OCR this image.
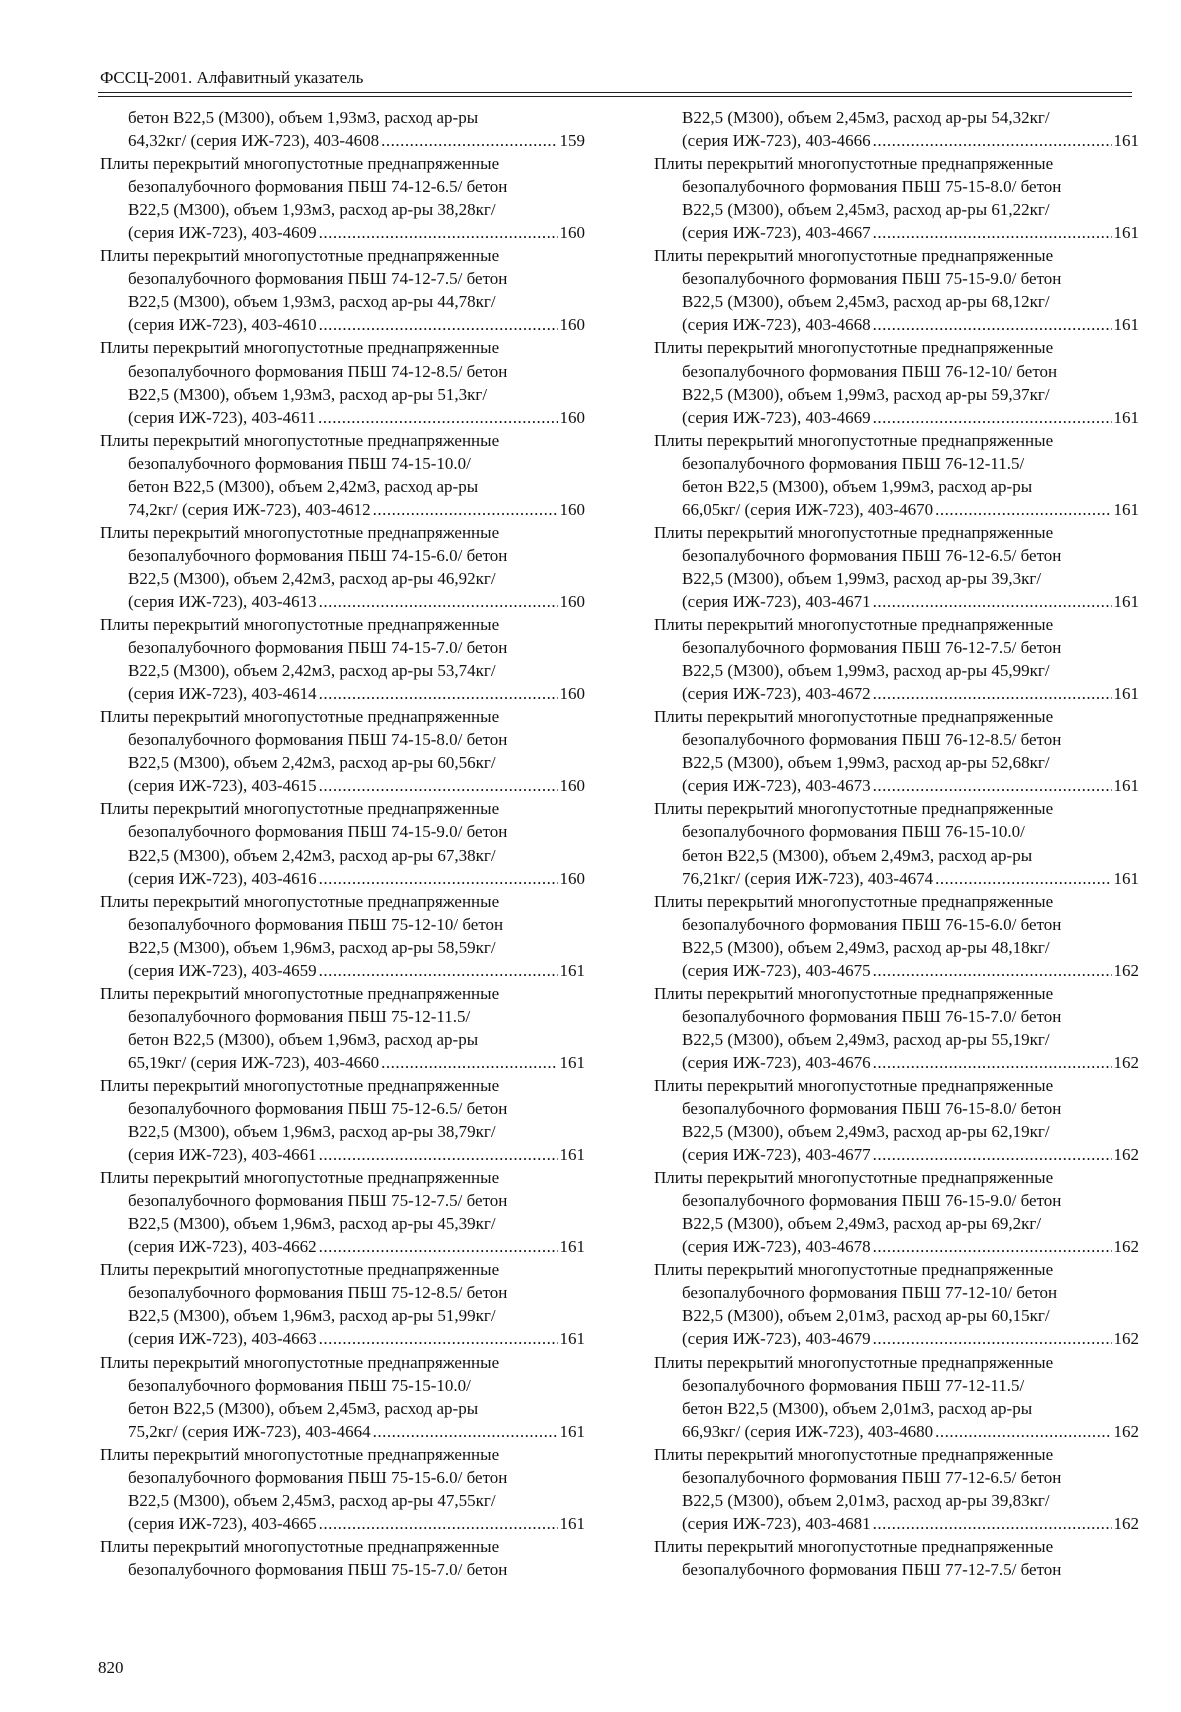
ФССЦ-2001. Алфавитный указатель
бетон B22,5 (М300), объем 1,93м3, расход ар-ры
64,32кг/ (серия ИЖ-723), 403-4608 .....	159
Плиты перекрытий многопустотные преднапряженные
безопалубочного формования ПБШ 74-12-6.5/ бетон
B22,5 (М300), объем 1,93м3, расход ар-ры 38,28кг/
(серия ИЖ-723), 403-4609 .....	160
Плиты перекрытий многопустотные преднапряженные
безопалубочного формования ПБШ 74-12-7.5/ бетон
B22,5 (М300), объем 1,93м3, расход ар-ры 44,78кг/
(серия ИЖ-723), 403-4610 .....	160
Плиты перекрытий многопустотные преднапряженные
безопалубочного формования ПБШ 74-12-8.5/ бетон
B22,5 (М300), объем 1,93м3, расход ар-ры 51,3кг/
(серия ИЖ-723), 403-4611 .....	160
Плиты перекрытий многопустотные преднапряженные
безопалубочного формования ПБШ 74-15-10.0/
бетон B22,5 (М300), объем 2,42м3, расход ар-ры
74,2кг/ (серия ИЖ-723), 403-4612 .....	160
Плиты перекрытий многопустотные преднапряженные
безопалубочного формования ПБШ 74-15-6.0/ бетон
B22,5 (М300), объем 2,42м3, расход ар-ры 46,92кг/
(серия ИЖ-723), 403-4613 .....	160
Плиты перекрытий многопустотные преднапряженные
безопалубочного формования ПБШ 74-15-7.0/ бетон
B22,5 (М300), объем 2,42м3, расход ар-ры 53,74кг/
(серия ИЖ-723), 403-4614 .....	160
Плиты перекрытий многопустотные преднапряженные
безопалубочного формования ПБШ 74-15-8.0/ бетон
B22,5 (М300), объем 2,42м3, расход ар-ры 60,56кг/
(серия ИЖ-723), 403-4615 .....	160
Плиты перекрытий многопустотные преднапряженные
безопалубочного формования ПБШ 74-15-9.0/ бетон
B22,5 (М300), объем 2,42м3, расход ар-ры 67,38кг/
(серия ИЖ-723), 403-4616 .....	160
Плиты перекрытий многопустотные преднапряженные
безопалубочного формования ПБШ 75-12-10/ бетон
B22,5 (М300), объем 1,96м3, расход ар-ры 58,59кг/
(серия ИЖ-723), 403-4659 .....	161
Плиты перекрытий многопустотные преднапряженные
безопалубочного формования ПБШ 75-12-11.5/
бетон B22,5 (М300), объем 1,96м3, расход ар-ры
65,19кг/ (серия ИЖ-723), 403-4660 .....	161
Плиты перекрытий многопустотные преднапряженные
безопалубочного формования ПБШ 75-12-6.5/ бетон
B22,5 (М300), объем 1,96м3, расход ар-ры 38,79кг/
(серия ИЖ-723), 403-4661 .....	161
Плиты перекрытий многопустотные преднапряженные
безопалубочного формования ПБШ 75-12-7.5/ бетон
B22,5 (М300), объем 1,96м3, расход ар-ры 45,39кг/
(серия ИЖ-723), 403-4662 .....	161
Плиты перекрытий многопустотные преднапряженные
безопалубочного формования ПБШ 75-12-8.5/ бетон
B22,5 (М300), объем 1,96м3, расход ар-ры 51,99кг/
(серия ИЖ-723), 403-4663 .....	161
Плиты перекрытий многопустотные преднапряженные
безопалубочного формования ПБШ 75-15-10.0/
бетон B22,5 (М300), объем 2,45м3, расход ар-ры
75,2кг/ (серия ИЖ-723), 403-4664 .....	161
Плиты перекрытий многопустотные преднапряженные
безопалубочного формования ПБШ 75-15-6.0/ бетон
B22,5 (М300), объем 2,45м3, расход ар-ры 47,55кг/
(серия ИЖ-723), 403-4665 .....	161
Плиты перекрытий многопустотные преднапряженные
безопалубочного формования ПБШ 75-15-7.0/ бетон
B22,5 (М300), объем 2,45м3, расход ар-ры 54,32кг/
(серия ИЖ-723), 403-4666 .....	161
Плиты перекрытий многопустотные преднапряженные
безопалубочного формования ПБШ 75-15-8.0/ бетон
B22,5 (М300), объем 2,45м3, расход ар-ры 61,22кг/
(серия ИЖ-723), 403-4667 .....	161
Плиты перекрытий многопустотные преднапряженные
безопалубочного формования ПБШ 75-15-9.0/ бетон
B22,5 (М300), объем 2,45м3, расход ар-ры 68,12кг/
(серия ИЖ-723), 403-4668 .....	161
Плиты перекрытий многопустотные преднапряженные
безопалубочного формования ПБШ 76-12-10/ бетон
B22,5 (М300), объем 1,99м3, расход ар-ры 59,37кг/
(серия ИЖ-723), 403-4669 .....	161
Плиты перекрытий многопустотные преднапряженные
безопалубочного формования ПБШ 76-12-11.5/
бетон B22,5 (М300), объем 1,99м3, расход ар-ры
66,05кг/ (серия ИЖ-723), 403-4670 .....	161
Плиты перекрытий многопустотные преднапряженные
безопалубочного формования ПБШ 76-12-6.5/ бетон
B22,5 (М300), объем 1,99м3, расход ар-ры 39,3кг/
(серия ИЖ-723), 403-4671 .....	161
Плиты перекрытий многопустотные преднапряженные
безопалубочного формования ПБШ 76-12-7.5/ бетон
B22,5 (М300), объем 1,99м3, расход ар-ры 45,99кг/
(серия ИЖ-723), 403-4672 .....	161
Плиты перекрытий многопустотные преднапряженные
безопалубочного формования ПБШ 76-12-8.5/ бетон
B22,5 (М300), объем 1,99м3, расход ар-ры 52,68кг/
(серия ИЖ-723), 403-4673 .....	161
Плиты перекрытий многопустотные преднапряженные
безопалубочного формования ПБШ 76-15-10.0/
бетон B22,5 (М300), объем 2,49м3, расход ар-ры
76,21кг/ (серия ИЖ-723), 403-4674 .....	161
Плиты перекрытий многопустотные преднапряженные
безопалубочного формования ПБШ 76-15-6.0/ бетон
B22,5 (М300), объем 2,49м3, расход ар-ры 48,18кг/
(серия ИЖ-723), 403-4675 .....	162
Плиты перекрытий многопустотные преднапряженные
безопалубочного формования ПБШ 76-15-7.0/ бетон
B22,5 (М300), объем 2,49м3, расход ар-ры 55,19кг/
(серия ИЖ-723), 403-4676 .....	162
Плиты перекрытий многопустотные преднапряженные
безопалубочного формования ПБШ 76-15-8.0/ бетон
B22,5 (М300), объем 2,49м3, расход ар-ры 62,19кг/
(серия ИЖ-723), 403-4677 .....	162
Плиты перекрытий многопустотные преднапряженные
безопалубочного формования ПБШ 76-15-9.0/ бетон
B22,5 (М300), объем 2,49м3, расход ар-ры 69,2кг/
(серия ИЖ-723), 403-4678 .....	162
Плиты перекрытий многопустотные преднапряженные
безопалубочного формования ПБШ 77-12-10/ бетон
B22,5 (М300), объем 2,01м3, расход ар-ры 60,15кг/
(серия ИЖ-723), 403-4679 .....	162
Плиты перекрытий многопустотные преднапряженные
безопалубочного формования ПБШ 77-12-11.5/
бетон B22,5 (М300), объем 2,01м3, расход ар-ры
66,93кг/ (серия ИЖ-723), 403-4680 .....	162
Плиты перекрытий многопустотные преднапряженные
безопалубочного формования ПБШ 77-12-6.5/ бетон
B22,5 (М300), объем 2,01м3, расход ар-ры 39,83кг/
(серия ИЖ-723), 403-4681 .....	162
Плиты перекрытий многопустотные преднапряженные
безопалубочного формования ПБШ 77-12-7.5/ бетон
820
